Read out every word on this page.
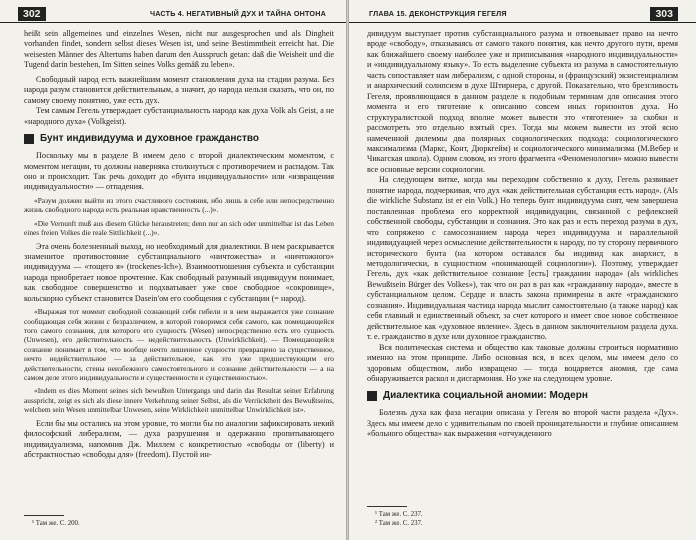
302	ЧАСТЬ 4. НЕГАТИВНЫЙ ДУХ И ТАЙНА ОНТОНА

heißt sein allgemeines und einzelnes Wesen, nicht nur ausgesprochen und als Dingheit vorhanden findet, sondern selbst dieses Wesen ist, und seine Bestimmtheit erreicht hat. Die weisesten Männer des Altertums haben darum den Ausspruch getan: daß die Weisheit und die Tugend darin bestehen, Im Sitten seines Volks gemäß zu leben».

Свободный народ есть важнейшим момент становления духа на стадии разума. Без народа разум становится действительным, а значит, до народа нельзя сказать, что он, по самому своему понятию, уже есть дух.

Тем самым Гегель утверждает субстанциальность народа как духа Volk als Geist, а не «народного духа» (Volkgeist).

Бунт индивидуума и духовное гражданство

Поскольку мы в разделе В имеем дело с второй диалектическим моментом, с моментом негации, то должны наверняка столкнуться с противоречием и распадом. Так оно и происходит. Так речь доходит до «бунта индивидуальности» или «извращения индивидуальности» — отпадения.

«Разум должен выйти из этого счастливого состояния, ибо лишь в себе или непосредственно жизнь свободного народа есть реальная нравственность (...)».

«Die Vernunft muß aus diesem Glücke heraustreten; denn nur an sich oder unmittelbar ist das Leben eines freien Volkes die reale Sittlichkeit (...)».

Эта очень болезненный выход, но необходимый для диалектики. В нем раскрывается знаменитое противостояние субстанциального «ничтожества» и «ничтожного» индивидуума — «тощего я» (trockenes-Ich»). Взаимоотношения субъекта и субстанции народа приобретает новое прочтение. Как свободный разумный индивидуум понимает, как свободное совершенство и подхватывает уже свое свободное «сокровище», кольскорно субъект становится Dasein'ом его сообщения с субстанции (= народ).

«Выражая тот момент свободной сознающей себя гибели и в нем выражается уже сознание сообщающая себя жизни с безразличием, в которой говоримся себя самого, как помещающейся того самого сознания, для которого его сущность (Wesen) непосредственно есть его сущность (Unwesen), его действительность — недействительность (Unwirklichkeit). — Помещающейся сознание понимает в том, что вообще нечто лишенное сущности превращено за существенное, нечто недействительное — за действительное, как это уже предшествующим его действительности, стены неизбежного самостоятельного и сознание действительности — а на самом деле этого индивидуальности и существенности и существенностью».

«Indem es dies Moment seines sich bewußten Untergangs und darin das Resultat seiner Erfahrung ausspricht, zeigt es sich als diese innere Verkehrung seiner Selbst, als die Verrücktheit des Bewußtseins, welchem sein Wesen unmittelbar Unwesen, seine Wirklichkeit unmittelbar Unwirklichkeit ist».

Если бы мы остались на этом уровне, то могли бы по аналогии зафиксировать некий философский либерализм, — духа разрушения и одержанно пропитывающего индивидуализма, напомнив Дж. Миллем с конкретностью «свободы от (liberty) и абстрактностью «свободы для» (freedom). Пустой ин-

¹ Там же. С. 200.
ГЛАВА 15. ДЕКОНСТРУКЦИЯ ГЕГЕЛЯ	303

дивидуум выступает против субстанциального разума и отвоевывает право на нечто вроде «свободу», отказываясь от самого такого понятия, как нечто другого пути, время как ближайшего своему наиболее уже и приписывания «народного индивидуальности» и «индивидуальному языку». То есть выделение субъекта из разума в самостоятельную часть сопоставляет нам либерализм, с одной стороны, и (французский) экзистенциализм и анархический солипсизм в духе Штирнера, с другой. Показательно, что брезгливость Гегеля, проявляющаяся в данном разделе к подобным терминам для описания этого момента и его тяготение к описанию совсем иных горизонтов духа. Но структуралистской подход вполне может вывести это «тяготение» за скобки и рассмотреть это отдельно взятый срез. Тогда мы можем вывести из этой ясно намеченной дилеммы два полярных социологических подхода: социологического максимализма (Маркс, Конт, Дюркгейм) и социологического минимализма (М.Вебер и Чикагская школа). Одним словом, из этого фрагмента «Феноменологии» можно вывести все основные версии социологии.

На следующем витке, когда мы переходим собственно к духу, Гегель развивает понятие народа, подчеркивая, что дух «как действительная субстанция есть народ». (Als die wirkliche Substanz ist er ein Volk.) Но теперь бунт индивидуума снят, чем завершена поставленная проблема его корректной индивидуации, связанной с рефлексией собственной свободы, субстанции и сознания. Это как раз и есть переход разума в дух, что сопряжено с самосознанием народа через индивидуума и параллельной индивидуацией через осмысление действительности к народу, по ту сторону первичного исторического бунта (на котором оставался бы индивид как анархист, в методологически, в сущностном «понимающей социологии»). Поэтому, утверждает Гегель, дух «как действительное сознание [есть] гражданин народа» (als wirkliches Bewußtsein Bürger des Volkes»), так что он раз в раз как «гражданину народа», вместе в субстанциальном целом. Сердце и власть закона примирены в акте «гражданского сознания». Индивидуальная частица народа мыслит самостоятельно (а также народ) как себя главный и единственный объект, за счет которого и имеет свое новое собственное действительное как «духовное явление». Здесь в данном заключительном раздела духа. т. е. гражданство в духе или духовное гражданство.

Вся политическая система и общество как таковые должны строиться нормативно именно на этом принципе. Либо основная вся, в всех целом, мы имеем дело со здоровым обществом, либо извращено — тогда воцаряется аномия, где сама обнаруживается раскол и дисгармония. Но уже на следующем уровне.

Диалектика социальной аномии: Модерн

Болезнь духа как фаза негации описана у Гегеля во второй части раздела «Дух». Здесь мы имеем дело с удивительным по своей проницательности и глубине описанием «больного общества» как выражения «отчужденного

¹ Там же. С. 237.
² Там же. С. 237.
